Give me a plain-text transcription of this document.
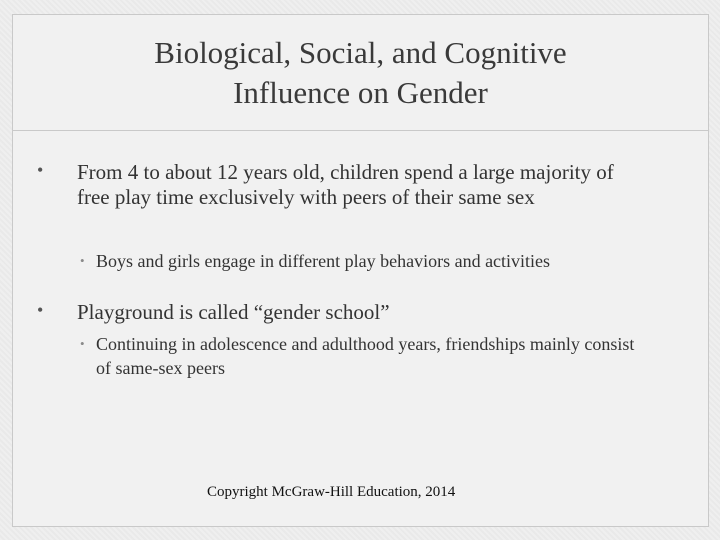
Biological, Social, and Cognitive
Influence on Gender
• From 4 to about 12 years old, children spend a large majority of free play time exclusively with peers of their same sex
• Boys and girls engage in different play behaviors and activities
• Playground is called “gender school”
• Continuing in adolescence and adulthood years, friendships mainly consist of same-sex peers
Copyright McGraw-Hill Education, 2014
